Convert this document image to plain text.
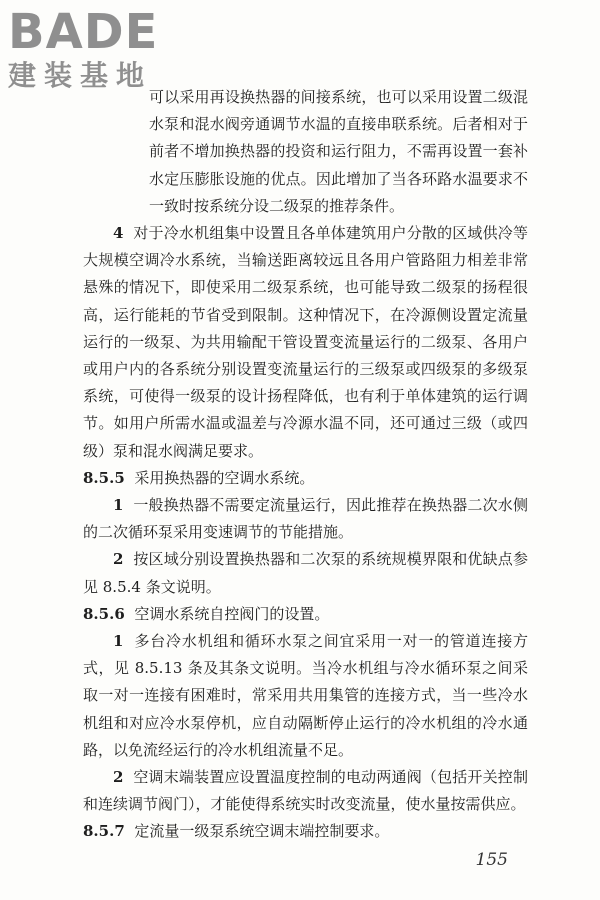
BADE
建装基地

可以采用再设换热器的间接系统，也可以采用设置二级混水泵和混水阀旁通调节水温的直接串联系统。后者相对于前者不增加换热器的投资和运行阻力，不需再设置一套补水定压膨胀设施的优点。因此增加了当各环路水温要求不一致时按系统分设二级泵的推荐条件。

4 对于冷水机组集中设置且各单体建筑用户分散的区域供冷等大规模空调冷水系统，当输送距离较远且各用户管路阻力相差非常悬殊的情况下，即使采用二级泵系统，也可能导致二级泵的扬程很高，运行能耗的节省受到限制。这种情况下，在冷源侧设置定流量运行的一级泵、为共用输配干管设置变流量运行的二级泵、各用户或用户内的各系统分别设置变流量运行的三级泵或四级泵的多级泵系统，可使得一级泵的设计扬程降低，也有利于单体建筑的运行调节。如用户所需水温或温差与冷源水温不同，还可通过三级（或四级）泵和混水阀满足要求。

8.5.5 采用换热器的空调水系统。

1 一般换热器不需要定流量运行，因此推荐在换热器二次水侧的二次循环泵采用变速调节的节能措施。

2 按区域分别设置换热器和二次泵的系统规模界限和优缺点参见 8.5.4 条文说明。

8.5.6 空调水系统自控阀门的设置。

1 多台冷水机组和循环水泵之间宜采用一对一的管道连接方式，见 8.5.13 条及其条文说明。当冷水机组与冷水循环泵之间采取一对一连接有困难时，常采用共用集管的连接方式，当一些冷水机组和对应冷水泵停机，应自动隔断停止运行的冷水机组的冷水通路，以免流经运行的冷水机组流量不足。

2 空调末端装置应设置温度控制的电动两通阀（包括开关控制和连续调节阀门），才能使得系统实时改变流量，使水量按需供应。

8.5.7 定流量一级泵系统空调末端控制要求。

155
